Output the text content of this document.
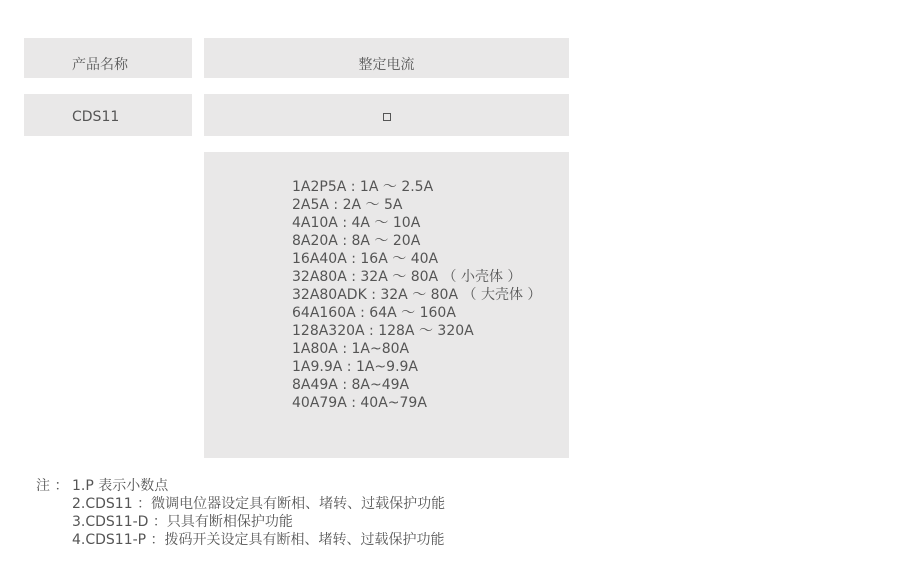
产品名称	整定电流
CDS11
1A2P5A : 1A ～ 2.5A
2A5A : 2A ～ 5A
4A10A : 4A ～ 10A
8A20A : 8A ～ 20A
16A40A : 16A ～ 40A
32A80A : 32A ～ 80A （ 小壳体 ）
32A80ADK : 32A ～ 80A （ 大壳体 ）
64A160A : 64A ～ 160A
128A320A : 128A ～ 320A
1A80A : 1A~80A
1A9.9A : 1A~9.9A
8A49A : 8A~49A
40A79A : 40A~79A
注 ： 1.P 表示小数点
2.CDS11 ：微调电位器设定具有断相、堵转、过载保护功能
3.CDS11-D ：只具有断相保护功能
4.CDS11-P ：拨码开关设定具有断相、堵转、过载保护功能
